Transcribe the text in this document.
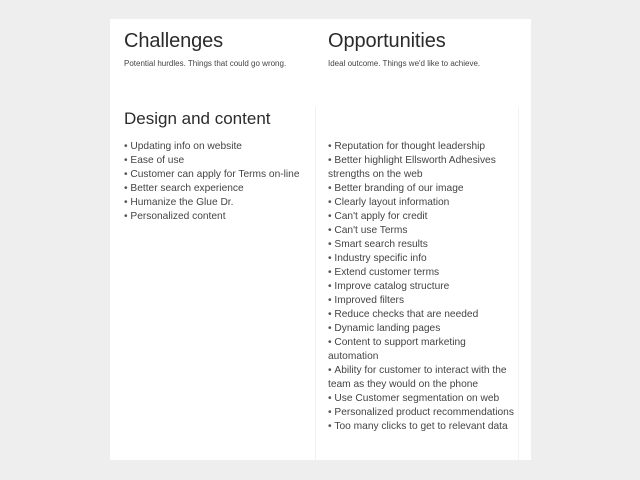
Challenges

Potential hurdles. Things that could go wrong.

Opportunities

Ideal outcome. Things we'd like to achieve.

Design and content
• Updating info on website
• Ease of use
• Customer can apply for Terms on-line
• Better search experience
• Humanize the Glue Dr.
• Personalized content
• Reputation for thought leadership
• Better highlight Ellsworth Adhesives strengths on the web
• Better branding of our image
• Clearly layout information
• Can't apply for credit
• Can't use Terms
• Smart search results
• Industry specific info
• Extend customer terms
• Improve catalog structure
• Improved filters
• Reduce checks that are needed
• Dynamic landing pages
• Content to support marketing automation
• Ability for customer to interact with the team as they would on the phone
• Use Customer segmentation on web
• Personalized product recommendations
• Too many clicks to get to relevant data
